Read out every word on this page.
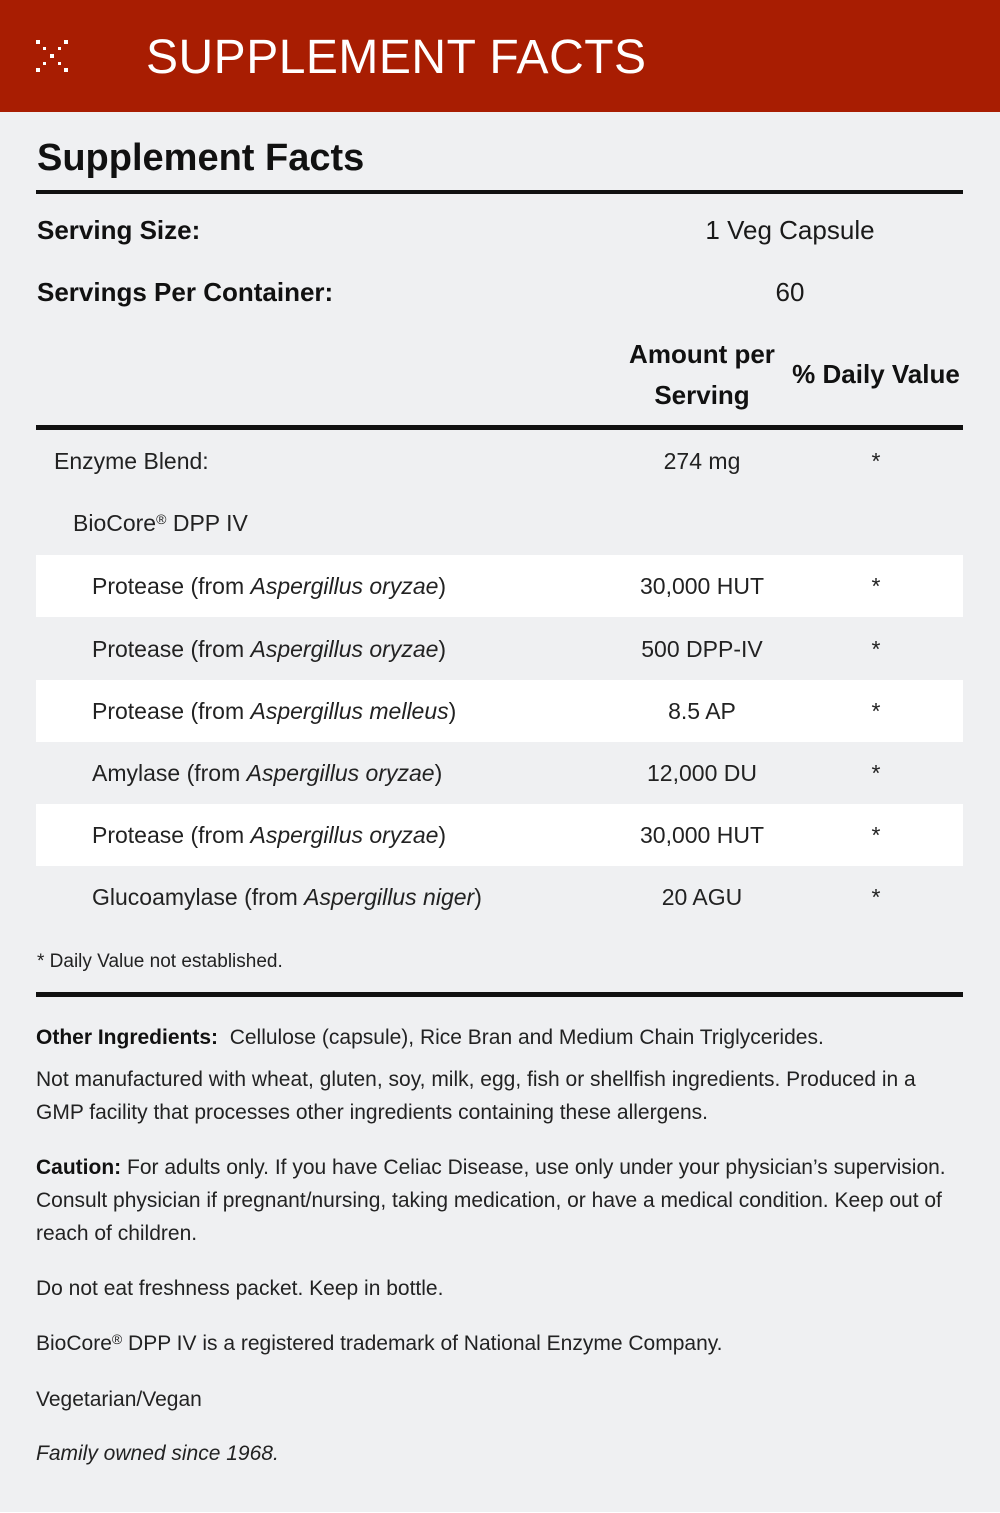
SUPPLEMENT FACTS
Supplement Facts
Serving Size:	1 Veg Capsule
Servings Per Container:	60
Amount per
Serving
% Daily Value
Enzyme Blend:	274 mg	*
BioCore® DPP IV
Protease (from Aspergillus oryzae)	30,000 HUT	*
Protease (from Aspergillus oryzae)	500 DPP-IV	*
Protease (from Aspergillus melleus)	8.5 AP	*
Amylase (from Aspergillus oryzae)	12,000 DU	*
Protease (from Aspergillus oryzae)	30,000 HUT	*
Glucoamylase (from Aspergillus niger)	20 AGU	*
* Daily Value not established.
Other Ingredients: Cellulose (capsule), Rice Bran and Medium Chain Triglycerides.
Not manufactured with wheat, gluten, soy, milk, egg, fish or shellfish ingredients. Produced in a GMP facility that processes other ingredients containing these allergens.
Caution: For adults only. If you have Celiac Disease, use only under your physician’s supervision. Consult physician if pregnant/nursing, taking medication, or have a medical condition. Keep out of reach of children.
Do not eat freshness packet. Keep in bottle.
BioCore® DPP IV is a registered trademark of National Enzyme Company.
Vegetarian/Vegan
Family owned since 1968.
